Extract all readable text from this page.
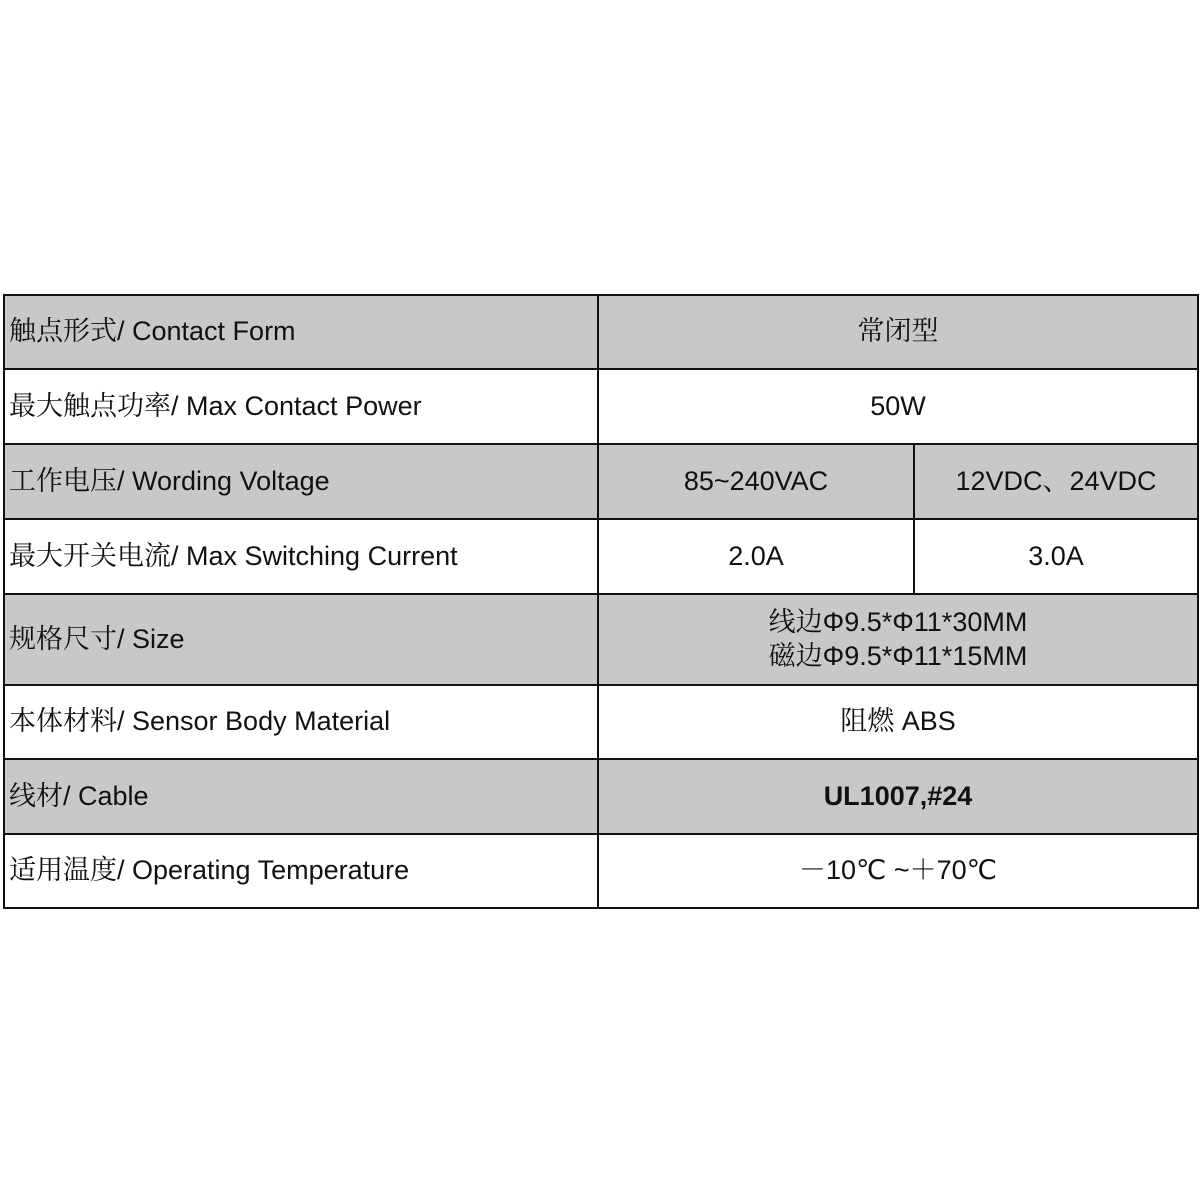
触点形式/ Contact Form	常闭型	
最大触点功率/ Max Contact Power	50W	
工作电压/ Wording Voltage	85~240VAC	12VDC、24VDC
最大开关电流/ Max Switching Current	2.0A	3.0A
规格尺寸/ Size	线边Φ9.5*Φ11*30MM
磁边Φ9.5*Φ11*15MM	

本体材料/ Sensor Body Material	阻燃 ABS	
线材/ Cable	UL1007,#24	
适用温度/ Operating Temperature	－10℃ ~＋70℃	
